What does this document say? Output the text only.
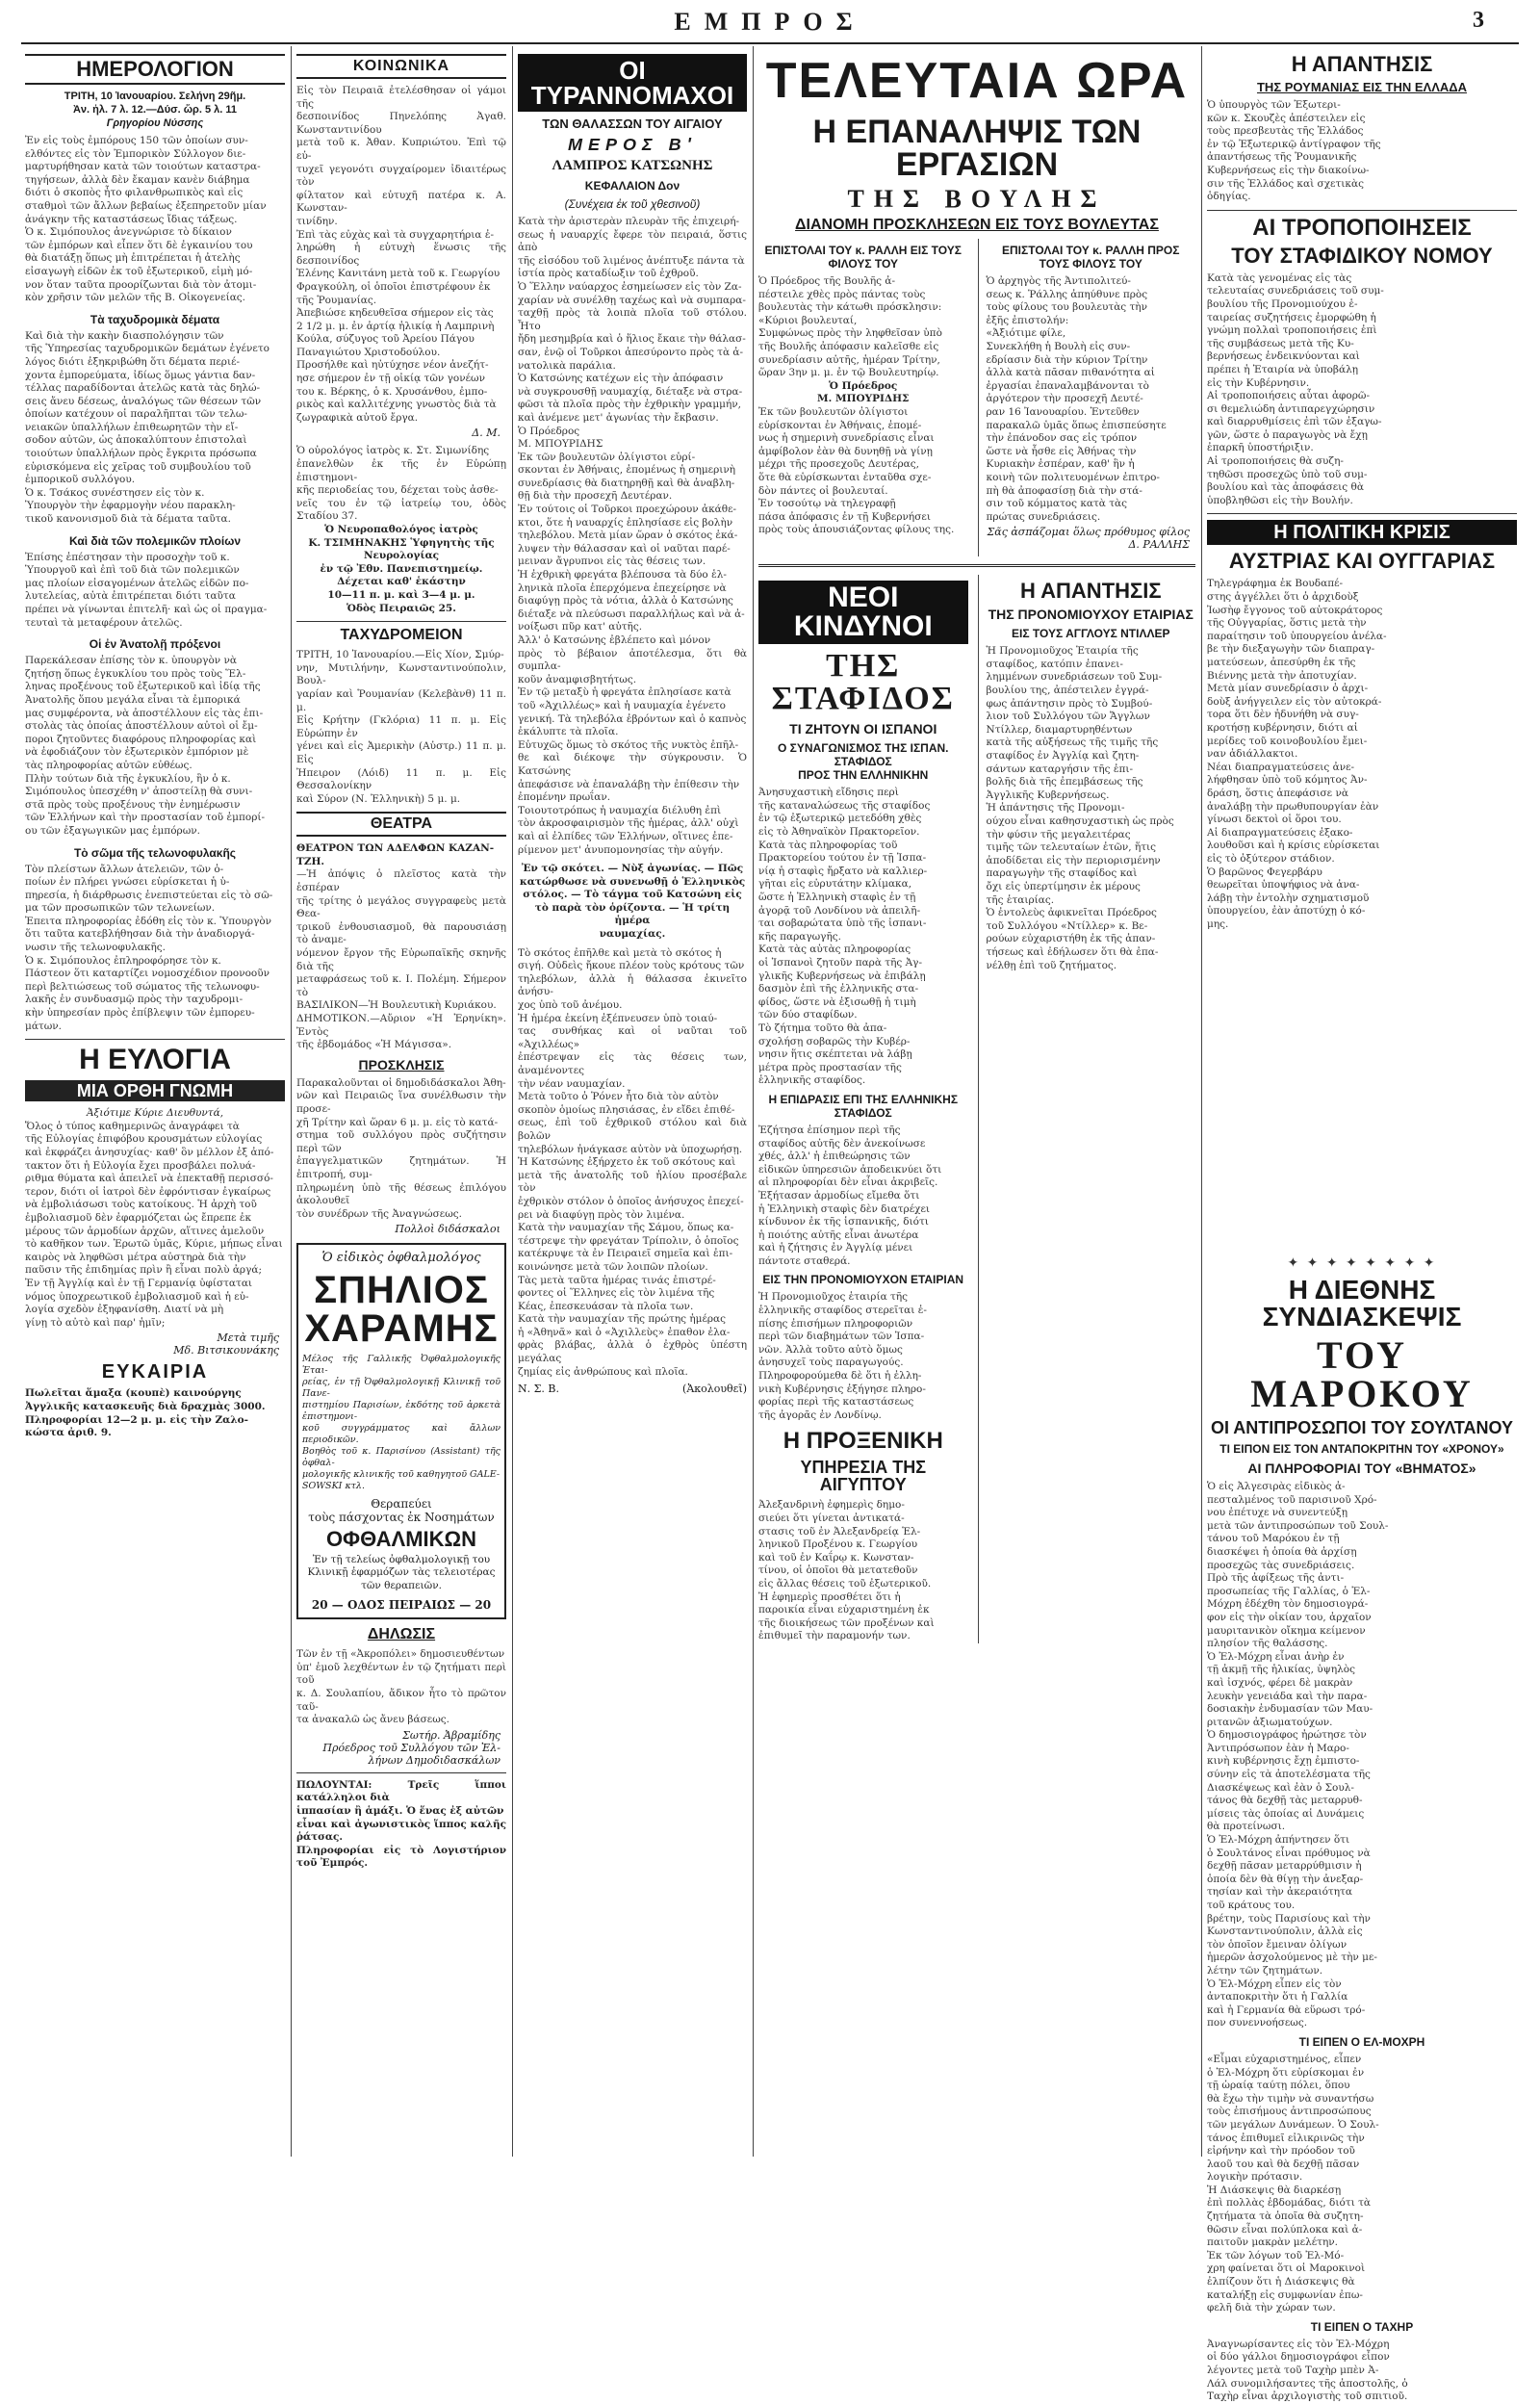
ΕΜΠΡΟΣ	3
ΗΜΕΡΟΛΟΓΙΟΝ
ΤΡΙΤΗ, 10 Ἰανουαρίου. Σελήνη 29ῆμ.
Ἀν. ἡλ. 7 λ. 12.—Δύσ. ὥρ. 5 λ. 11
Γρηγορίου Νύσσης

Ἐν εἰς τοὺς ἐμπόρους 150 τῶν ὁποίων συν-
ελθόντες εἰς τὸν Ἐμπορικὸν Σύλλογον διε-
μαρτυρήθησαν κατὰ τῶν τοιούτων καταστρα-
τηγήσεων, ἀλλὰ δὲν ἔκαμαν κανὲν διάβημα
διότι ὁ σκοπὸς ἦτο φιλανθρωπικὸς καὶ εἰς
σταθμοὶ τῶν ἄλλων βεβαίως ἐξεπηρετοῦν μίαν
ἀνάγκην τῆς καταστάσεως ἴδιας τάξεως.
Ὁ κ. Σιμόπουλος ἀνεγνώρισε τὸ δίκαιον
τῶν ἐμπόρων καὶ εἶπεν ὅτι δὲ ἐγκαινίου του
θὰ διατάξῃ ὅπως μὴ ἐπιτρέπεται ἡ ἀτελὴς
εἰσαγωγὴ εἰδῶν ἐκ τοῦ ἐξωτερικοῦ, εἰμὴ μό-
νον ὅταν ταῦτα προορίζωνται διὰ τὸν ἀτομι-
κὸν χρῆσιν τῶν μελῶν τῆς Β. Οἰκογενείας.

Τὰ ταχυδρομικὰ δέματα

Καὶ διὰ τὴν κακὴν διασπολόγησιν τῶν
τῆς Ὑπηρεσίας ταχυδρομικῶν δεμάτων ἐγένετο
λόγος διότι ἐξηκριβώθη ὅτι δέματα περιέ-
χοντα ἐμπορεύματα, ἰδίως ὅμως γάντια δαν-
τέλλας παραδίδονται ἀτελῶς κατὰ τὰς δηλώ-
σεις ἄνευ δέσεως, ἀναλόγως τῶν θέσεων τῶν
ὁποίων κατέχουν οἱ παραλῆπται τῶν τελω-
νειακῶν ὑπαλλήλων ἐπιθεωρητῶν τὴν εἴ-
σοδον αὐτῶν, ὡς ἀποκαλύπτουν ἐπιστολαὶ
τοιούτων ὑπαλλήλων πρὸς ἔγκριτα πρόσωπα
εὑρισκόμενα εἰς χεῖρας τοῦ συμβουλίου τοῦ
ἐμπορικοῦ συλλόγου.
Ὁ κ. Τσάκος συνέστησεν εἰς τὸν κ.
Ὑπουργὸν τὴν ἐφαρμογὴν νέου παρακλη-
τικοῦ κανονισμοῦ διὰ τὰ δέματα ταῦτα.

Καὶ διὰ τῶν πολεμικῶν πλοίων

Ἐπίσης ἐπέστησαν τὴν προσοχὴν τοῦ κ.
Ὑπουργοῦ καὶ ἐπὶ τοῦ διὰ τῶν πολεμικῶν
μας πλοίων εἰσαγομένων ἀτελῶς εἰδῶν πο-
λυτελείας, αὐτὰ ἐπιτρέπεται διότι ταῦτα
πρέπει νὰ γίνωνται ἐπιτελῆ· καὶ ὡς οἱ πραγμα-
τευταὶ τὰ μεταφέρουν ἀτελῶς.

Οἱ ἐν Ἀνατολῇ πρόξενοι

Παρεκάλεσαν ἐπίσης τὸν κ. ὑπουργὸν νὰ
ζητήσῃ ὅπως ἐγκυκλίου του πρὸς τοὺς Ἕλ-
ληνας προξένους τοῦ ἐξωτερικοῦ καὶ ἰδίᾳ τῆς
Ἀνατολῆς ὅπου μεγάλα εἶναι τὰ ἐμπορικά
μας συμφέροντα, νὰ ἀποστέλλουν εἰς τὰς ἐπι-
στολὰς τὰς ὁποίας ἀποστέλλουν αὐτοὶ οἱ ἔμ-
ποροι ζητοῦντες διαφόρους πληροφορίας καὶ
νὰ ἐφοδιάζουν τὸν ἐξωτερικὸν ἐμπόριον μὲ
τὰς πληροφορίας αὐτῶν εὐθέως.

Πλὴν τούτων διὰ τῆς ἐγκυκλίου, ἣν ὁ κ.
Σιμόπουλος ὑπεσχέθη ν' ἀποστείλῃ θὰ συνι-
στᾶ πρὸς τοὺς προξένους τὴν ἐνημέρωσιν
τῶν Ἑλλήνων καὶ τὴν προστασίαν τοῦ ἐμπορί-
ου τῶν ἐξαγωγικῶν μας ἐμπόρων.

Τὸ σῶμα τῆς τελωνοφυλακῆς

Τὸν πλείστων ἄλλων ἀτελειῶν, τῶν ὁ-
ποίων ἐν πλήρει γνώσει εὑρίσκεται ἡ ὑ-
πηρεσία, ἡ διάρθρωσις ἐνεπιστεύεται εἰς τὸ σῶ-
μα τῶν προσωπικῶν τῶν τελωνείων.
Ἐπειτα πληροφορίας ἐδόθη εἰς τὸν κ. Ὑπουργὸν
ὅτι ταῦτα κατεβλήθησαν διὰ τὴν ἀναδιοργά-
νωσιν τῆς τελωνοφυλακῆς.

Ὁ κ. Σιμόπουλος ἐπληροφόρησε τὸν κ.
Πάστεον ὅτι καταρτίζει νομοσχέδιον προνοοῦν
περὶ βελτιώσεως τοῦ σώματος τῆς τελωνοφυ-
λακῆς ἐν συνδυασμῷ πρὸς τὴν ταχυδρομι-
κὴν ὑπηρεσίαν πρὸς ἐπίβλεψιν τῶν ἐμπορευ-
μάτων.

Η ΕΥΛΟΓΙΑ
ΜΙΑ ΟΡΘΗ ΓΝΩΜΗ

Ἀξιότιμε Κύριε Διευθυντά,

Ὅλος ὁ τύπος καθημερινῶς ἀναγράφει τὰ
τῆς Εὐλογίας ἐπιφόβου κρουσμάτων εὐλογίας
καὶ ἐκφράζει ἀνησυχίας· καθ' ὃν μέλλον ἐξ ἀπό-
τακτον ὅτι ἡ Εὐλογία ἔχει προσβάλει πολυά-
ριθμα θύματα καὶ ἀπειλεῖ νὰ ἐπεκταθῇ περισσό-
τερον, διότι οἱ ἰατροὶ δὲν ἐφρόντισαν ἐγκαίρως
νὰ ἐμβολιάσωσι τοὺς κατοίκους. Ἡ ἀρχὴ τοῦ
ἐμβολιασμοῦ δὲν ἐφαρμόζεται ὡς ἔπρεπε ἐκ
μέρους τῶν ἁρμοδίων ἀρχῶν, αἵτινες ἀμελοῦν
τὸ καθῆκον των. Ἐρωτῶ ὑμᾶς, Κύριε, μήπως εἶναι
καιρὸς νὰ ληφθῶσι μέτρα αὐστηρὰ διὰ τὴν
παῦσιν τῆς ἐπιδημίας πρὶν ἢ εἶναι πολὺ ἀργά;
Ἐν τῇ Ἀγγλίᾳ καὶ ἐν τῇ Γερμανίᾳ ὑφίσταται
νόμος ὑποχρεωτικοῦ ἐμβολιασμοῦ καὶ ἡ εὐ-
λογία σχεδὸν ἐξηφανίσθη. Διατί νὰ μὴ
γίνῃ τὸ αὐτὸ καὶ παρ' ἡμῖν;

Μετὰ τιμῆς
Μδ. Βιτσικουνάκης
ΕΥΚΑΙΡΙΑ

Πωλεῖται ἅμαξα (κουπὲ) καινούργης
Ἀγγλικῆς κατασκευῆς διὰ δραχμὰς 3000.
Πληροφορίαι 12—2 μ. μ. εἰς τὴν Ζαλο-
κώστα ἀριθ. 9.

ΚΟΙΝΩΝΙΚΑ

Εἰς τὸν Πειραιᾶ ἐτελέσθησαν οἱ γάμοι τῆς
δεσποινίδος Πηνελόπης Ἀγαθ. Κωνσταντινίδου
μετὰ τοῦ κ. Ἀθαν. Κυπριώτου. Ἐπὶ τῷ εὐ-
τυχεῖ γεγονότι συγχαίρομεν ἰδιαιτέρως τὸν
φίλτατον καὶ εὐτυχῆ πατέρα κ. Α. Κωνσταν-
τινίδην.
Ἐπὶ τὰς εὐχὰς καὶ τὰ συγχαρητήρια ἐ-
ληρώθη ἡ εὐτυχὴ ἕνωσις τῆς δεσποινίδος
Ἑλένης Κανιτάνη μετὰ τοῦ κ. Γεωργίου
Φραγκούλη, οἱ ὁποῖοι ἐπιστρέφουν ἐκ
τῆς Ῥουμανίας.

Ἀπεβιώσε κηδευθεῖσα σήμερον εἰς τὰς
2 1/2 μ. μ. ἐν ἀρτίᾳ ἡλικίᾳ ἡ Λαμπρινὴ
Κούλα, σύζυγος τοῦ Ἀρείου Πάγου
Παναγιώτου Χριστοδούλου.

Προσήλθε καὶ ηὐτύχησε νέον ἀνεζήτ-
ησε σήμερον ἐν τῇ οἰκίᾳ τῶν γονέων
του κ. Βέρκης, ὁ κ. Χρυσάνθου, ἐμπο-
ρικὸς καὶ καλλιτέχνης γνωστὸς διὰ τὰ
ζωγραφικὰ αὐτοῦ ἔργα.

Δ. Μ.

Ὁ οὐρολόγος ἰατρὸς κ. Στ. Σιμωνίδης
ἐπανελθὼν ἐκ τῆς ἐν Εὐρώπῃ ἐπιστημονι-
κῆς περιοδείας του, δέχεται τοὺς ἀσθε-
νεῖς του ἐν τῷ ἰατρείῳ του, ὁδὸς Σταδίου 37.

Ὁ Νευροπαθολόγος ἰατρὸς
Κ. ΤΣΙΜΗΝΑΚΗΣ Ὑφηγητὴς τῆς Νευρολογίας
ἐν τῷ Ἐθν. Πανεπιστημείῳ. Δέχεται καθ' ἑκάστην
10—11 π. μ. καὶ 3—4 μ. μ.
Ὁδὸς Πειραιῶς 25.

ΤΑΧΥΔΡΟΜΕΙΟΝ

ΤΡΙΤΗ, 10 Ἰανουαρίου.—Εἰς Χίον, Σμύρ-
νην, Μυτιλήνην, Κωνσταντινούπολιν, Βουλ-
γαρίαν καὶ Ῥουμανίαν (Κελεβὰνθ) 11 π. μ.
Εἰς Κρήτην (Γκλόρια) 11 π. μ. Εἰς Εὐρώπην ἐν
γένει καὶ εἰς Ἀμερικὴν (Αὐστρ.) 11 π. μ. Εἰς
Ἠπειρον (Λόιδ) 11 π. μ. Εἰς Θεσσαλονίκην
καὶ Σύρον (Ν. Ἐλληνικὴ) 5 μ. μ.

ΘΕΑΤΡΑ

ΘΕΑΤΡΟΝ ΤΩΝ ΑΔΕΛΦΩΝ ΚΑΖΑΝ-
ΤΖΗ.

—Ἡ ἀπόψις ὁ πλεῖστος κατὰ τὴν ἑσπέραν
τῆς τρίτης ὁ μεγάλος συγγραφεὺς μετὰ Θεα-
τρικοῦ ἐνθουσιασμοῦ, θὰ παρουσιάσῃ τὸ ἀναμε-
νόμενον ἔργον τῆς Εὐρωπαϊκῆς σκηνῆς διὰ τῆς
μεταφράσεως τοῦ κ. Ι. Πολέμη. Σήμερον τὸ
ΒΑΣΙΛΙΚΟΝ—Ἡ Βουλευτικὴ Κυριάκου.
ΔΗΜΟΤΙΚΟΝ.—Αὔριον «Ἡ Ἐρηνίκη». Ἐντὸς
τῆς ἑβδομάδος «Ἡ Μάγισσα».

ΠΡΟΣΚΛΗΣΙΣ

Παρακαλοῦνται οἱ δημοδιδάσκαλοι Ἀθη-
νῶν καὶ Πειραιῶς ἵνα συνέλθωσιν τὴν προσε-
χῆ Τρίτην καὶ ὥραν 6 μ. μ. εἰς τὸ κατά-
στημα τοῦ συλλόγου πρὸς συζήτησιν περὶ τῶν
ἐπαγγελματικῶν ζητημάτων. Ἡ ἐπιτροπή, συμ-
πληρωμένη ὑπὸ τῆς θέσεως ἐπιλόγου ἀκολουθεῖ
τὸν συνέδρων τῆς Ἀναγνώσεως.

Πολλοὶ διδάσκαλοι
Ὁ εἰδικὸς ὀφθαλμολόγος
ΣΠΗΛΙΟΣ
ΧΑΡΑΜΗΣ

Μέλος τῆς Γαλλικῆς Ὀφθαλμολογικῆς Ἑται-
ρείας, ἐν τῇ Ὀφθαλμολογικῇ Κλινικῇ τοῦ Πανε-
πιστημίου Παρισίων, ἐκδότης τοῦ ἀρκετὰ ἐπιστημονι-
κοῦ συγγράμματος καὶ ἄλλων περιοδικῶν.
Βοηθὸς τοῦ κ. Παρισίνου (Assistant) τῆς ὀφθαλ-
μολογικῆς κλινικῆς τοῦ καθηγητοῦ GALE-
SOWSKI κτλ.

Θεραπεύει
τοὺς πάσχοντας ἐκ Νοσημάτων

ΟΦΘΑΛΜΙΚΩΝ

Ἐν τῇ τελείως ὀφθαλμολογικῇ του
Κλινικῇ ἐφαρμόζων τὰς τελειοτέρας
τῶν θεραπειῶν.

20 — ΟΔΟΣ ΠΕΙΡΑΙΩΣ — 20
ΔΗΛΩΣΙΣ

Τῶν ἐν τῇ «Ἀκροπόλει» δημοσιευθέντων
ὑπ' ἐμοῦ λεχθέντων ἐν τῷ ζητήματι περὶ τοῦ
κ. Δ. Σουλαπίου, ἄδικον ἦτο τὸ πρῶτον ταῦ-
τα ἀνακαλῶ ὡς ἄνευ βάσεως.

Σωτήρ. Ἀβραμίδης
Πρόεδρος τοῦ Συλλόγου τῶν Ἐλ-
λήνων Δημοδιδασκάλων

ΠΩΛΟΥΝΤΑΙ: Τρεῖς ἵπποι κατάλληλοι διὰ
ἱππασίαν ἢ ἁμάξι. Ὁ ἕνας ἐξ αὐτῶν
εἶναι καὶ ἀγωνιστικὸς ἵππος καλῆς ῥάτσας.
Πληροφορίαι εἰς τὸ Λογιστήριον τοῦ Ἐμπρός.

ΟΙ ΤΥΡΑΝΝΟΜΑΧΟΙ
ΤΩΝ ΘΑΛΑΣΣΩΝ ΤΟΥ ΑΙΓΑΙΟΥ
ΜΕΡΟΣ Β'
ΛΑΜΠΡΟΣ ΚΑΤΣΩΝΗΣ
ΚΕΦΑΛΑΙΟΝ Δον
(Συνέχεια ἐκ τοῦ χθεσινοῦ)

Κατὰ τὴν ἀριστερὰν πλευρὰν τῆς ἐπιχειρή-
σεως ἡ ναυαρχίς ἔφερε τὸν πειραιά, ὅστις ἀπὸ
τῆς εἰσόδου τοῦ λιμένος ἀνέπτυξε πάντα τὰ
ἱστία πρὸς καταδίωξιν τοῦ ἐχθροῦ.
Ὁ Ἕλλην ναύαρχος ἐσημείωσεν εἰς τὸν Ζα-
χαρίαν νὰ συνέλθῃ ταχέως καὶ νὰ συμπαρα-
ταχθῇ πρὸς τὰ λοιπὰ πλοῖα τοῦ στόλου. Ἦτο
ἤδη μεσημβρία καὶ ὁ ἥλιος ἔκαιε τὴν θάλασ-
σαν, ἐνῷ οἱ Τοῦρκοι ἀπεσύροντο πρὸς τὰ ἀ-
νατολικὰ παράλια.
Ὁ Κατσώνης κατέχων εἰς τὴν ἀπόφασιν
νὰ συγκρουσθῇ ναυμαχίᾳ, διέταξε νὰ στρα-
φῶσι τὰ πλοῖα πρὸς τὴν ἐχθρικὴν γραμμήν,
καὶ ἀνέμενε μετ' ἀγωνίας τὴν ἔκβασιν.
Ὁ Πρόεδρος
Μ. ΜΠΟΥΡΙΔΗΣ
Ἐκ τῶν βουλευτῶν ὀλίγιστοι εὑρί-
σκονται ἐν Ἀθήναις, ἐπομένως ἡ σημερινὴ
συνεδρίασις θὰ διατηρηθῇ καὶ θὰ ἀναβλη-
θῇ διὰ τὴν προσεχῆ Δευτέραν.
Ἐν τούτοις οἱ Τοῦρκοι προεχώρουν ἀκάθε-
κτοι, ὅτε ἡ ναυαρχίς ἐπλησίασε εἰς βολὴν
τηλεβόλου. Μετὰ μίαν ὥραν ὁ σκότος ἐκά-
λυψεν τὴν θάλασσαν καὶ οἱ ναῦται παρέ-
μειναν ἄγρυπνοι εἰς τὰς θέσεις των.
Ἡ ἐχθρικὴ φρεγάτα βλέπουσα τὰ δύο ἑλ-
ληνικὰ πλοῖα ἐπερχόμενα ἐπεχείρησε νὰ
διαφύγῃ πρὸς τὰ νότια, ἀλλὰ ὁ Κατσώνης
διέταξε νὰ πλεύσωσι παραλλήλως καὶ νὰ ἀ-
νοίξωσι πῦρ κατ' αὐτῆς.
Ἀλλ' ὁ Κατσώνης ἐβλέπετο καὶ μόνον
πρὸς τὸ βέβαιον ἀποτέλεσμα, ὅτι θὰ συμπλα-
κοῦν ἀναμφισβητήτως.
Ἐν τῷ μεταξὺ ἡ φρεγάτα ἐπλησίασε κατὰ
τοῦ «Ἀχιλλέως» καὶ ἡ ναυμαχία ἐγένετο
γενική. Τὰ τηλεβόλα ἐβρόντων καὶ ὁ καπνὸς
ἐκάλυπτε τὰ πλοῖα.
Εὐτυχῶς ὅμως τὸ σκότος τῆς νυκτὸς ἐπῆλ-
θε καὶ διέκοψε τὴν σύγκρουσιν. Ὁ Κατσώνης
ἀπεφάσισε νὰ ἐπαναλάβῃ τὴν ἐπίθεσιν τὴν
ἐπομένην πρωΐαν.
Τοιουτοτρόπως ἡ ναυμαχία διέλυθη ἐπὶ
τὸν ἀκροσφαιρισμὸν τῆς ἡμέρας, ἀλλ' οὐχὶ
καὶ αἱ ἐλπίδες τῶν Ἑλλήνων, οἵτινες ἐπε-
ρίμενον μετ' ἀνυπομονησίας τὴν αὐγήν.

Ἐν τῷ σκότει. — Νὺξ ἀγωνίας. — Πῶς
κατώρθωσε νὰ συνενωθῇ ὁ Ἑλληνικὸς
στόλος. — Τὸ τάγμα τοῦ Κατσώνη εἰς
τὸ παρὰ τὸν ὁρίζοντα. — Ἡ τρίτη ἡμέρα
ναυμαχίας.

Τὸ σκότος ἐπῆλθε καὶ μετὰ τὸ σκότος ἡ
σιγή. Οὐδεὶς ἤκουε πλέον τοὺς κρότους τῶν
τηλεβόλων, ἀλλὰ ἡ θάλασσα ἐκινεῖτο ἀνήσυ-
χος ὑπὸ τοῦ ἀνέμου.
Ἡ ἡμέρα ἐκείνη ἐξέπνευσεν ὑπὸ τοιαύ-
τας συνθήκας καὶ οἱ ναῦται τοῦ «Ἀχιλλέως»
ἐπέστρεψαν εἰς τὰς θέσεις των, ἀναμένοντες
τὴν νέαν ναυμαχίαν.
Μετὰ τοῦτο ὁ Ῥόνεν ἦτο διὰ τὸν αὐτὸν
σκοπὸν ὁμοίως πλησιάσας, ἐν εἴδει ἐπιθέ-
σεως, ἐπὶ τοῦ ἐχθρικοῦ στόλου καὶ διὰ βολῶν
τηλεβόλων ἠνάγκασε αὐτὸν νὰ ὑποχωρήσῃ.
Ἡ Κατσώνης ἐξήρχετο ἐκ τοῦ σκότους καὶ
μετὰ τῆς ἀνατολῆς τοῦ ἡλίου προσέβαλε τὸν
ἐχθρικὸν στόλον ὁ ὁποῖος ἀνήσυχος ἐπεχεί-
ρει νὰ διαφύγῃ πρὸς τὸν λιμένα.
Κατὰ τὴν ναυμαχίαν τῆς Σάμου, ὅπως κα-
τέστρεψε τὴν φρεγάταν Τρίπολιν, ὁ ὁποῖος
κατέκρυψε τὰ ἐν Πειραιεῖ σημεῖα καὶ ἐπι-
κοινώνησε μετὰ τῶν λοιπῶν πλοίων.
Τὰς μετὰ ταῦτα ἡμέρας τινάς ἐπιστρέ-
φοντες οἱ Ἕλληνες εἰς τὸν λιμένα τῆς
Κέας, ἐπεσκευάσαν τὰ πλοῖα των.
Κατὰ τὴν ναυμαχίαν τῆς πρώτης ἡμέρας
ἡ «Ἀθηνᾶ» καὶ ὁ «Ἀχιλλεὺς» ἐπαθον ἐλα-
φρὰς βλάβας, ἀλλὰ ὁ ἐχθρὸς ὑπέστη μεγάλας
ζημίας εἰς ἀνθρώπους καὶ πλοῖα.

Ν. Σ. Β.	(Ἀκολουθεῖ)
ΤΕΛΕΥΤΑΙΑ ΩΡΑ
Η ΕΠΑΝΑΛΗΨΙΣ ΤΩΝ ΕΡΓΑΣΙΩΝ
ΤΗΣ ΒΟΥΛΗΣ
ΔΙΑΝΟΜΗ ΠΡΟΣΚΛΗΣΕΩΝ ΕΙΣ ΤΟΥΣ ΒΟΥΛΕΥΤΑΣ
ΕΠΙΣΤΟΛΑΙ ΤΟΥ κ. ΡΑΛΛΗ ΕΙΣ ΤΟΥΣ ΦΙΛΟΥΣ ΤΟΥ

Ὁ Πρόεδρος τῆς Βουλῆς ἀ-
πέστειλε χθὲς πρὸς πάντας τοὺς
βουλευτὰς τὴν κάτωθι πρόσκλησιν:
«Κύριοι βουλευταί,
Συμφώνως πρὸς τὴν ληφθεῖσαν ὑπὸ
τῆς Βουλῆς ἀπόφασιν καλεῖσθε εἰς
συνεδρίασιν αὐτῆς, ἡμέραν Τρίτην,
ὥραν 3ην μ. μ. ἐν τῷ Βουλευτηρίῳ.

Ὁ Πρόεδρος
Μ. ΜΠΟΥΡΙΔΗΣ

Ἐκ τῶν βουλευτῶν ὀλίγιστοι
εὑρίσκονται ἐν Ἀθήναις, ἐπομέ-
νως ἡ σημερινὴ συνεδρίασις εἶναι
ἀμφίβολον ἐὰν θὰ δυνηθῇ νὰ γίνῃ
μέχρι τῆς προσεχοῦς Δευτέρας,
ὅτε θὰ εὑρίσκωνται ἐνταῦθα σχε-
δὸν πάντες οἱ βουλευταί.

Ἐν τοσούτῳ νὰ τηλεγραφῇ
πάσα ἀπόφασις ἐν τῇ Κυβερνήσει
πρὸς τοὺς ἀπουσιάζοντας φίλους της.

ΕΠΙΣΤΟΛΑΙ ΤΟΥ κ. ΡΑΛΛΗ ΠΡΟΣ ΤΟΥΣ ΦΙΛΟΥΣ ΤΟΥ

Ὁ ἀρχηγὸς τῆς Ἀντιπολιτεύ-
σεως κ. Ῥάλλης ἀπηύθυνε πρὸς
τοὺς φίλους του βουλευτὰς τὴν
ἑξῆς ἐπιστολήν:
«Ἀξιότιμε φίλε,
Συνεκλήθη ἡ Βουλὴ εἰς συν-
εδρίασιν διὰ τὴν κύριον Τρίτην
ἀλλὰ κατὰ πᾶσαν πιθανότητα αἱ
ἐργασίαι ἐπαναλαμβάνονται τὸ
ἀργότερον τὴν προσεχῆ Δευτέ-
ραν 16 Ἰανουαρίου. Ἐντεῦθεν
παρακαλῶ ὑμᾶς ὅπως ἐπισπεύσητε
τὴν ἐπάνοδον σας εἰς τρόπον
ὥστε νὰ ἦσθε εἰς Ἀθήνας τὴν
Κυριακὴν ἑσπέραν, καθ' ἣν ἡ
κοινὴ τῶν πολιτευομένων ἐπιτρο-
πὴ θὰ ἀποφασίσῃ διὰ τὴν στά-
σιν τοῦ κόμματος κατὰ τὰς
πρώτας συνεδριάσεις.

Σᾶς ἀσπάζομαι ὅλως πρόθυμος φίλος
Δ. ΡΑΛΛΗΣ
ΝΕΟΙ ΚΙΝΔΥΝΟΙ
ΤΗΣ ΣΤΑΦΙΔΟΣ
ΤΙ ΖΗΤΟΥΝ ΟΙ ΙΣΠΑΝΟΙ
Ο ΣΥΝΑΓΩΝΙΣΜΟΣ ΤΗΣ ΙΣΠΑΝ. ΣΤΑΦΙΔΟΣ
ΠΡΟΣ ΤΗΝ ΕΛΛΗΝΙΚΗΝ

Ἀνησυχαστικὴ εἴδησις περὶ
τῆς καταναλώσεως τῆς σταφίδος
ἐν τῷ ἐξωτερικῷ μετεδόθη χθὲς
εἰς τὸ Ἀθηναϊκὸν Πρακτορεῖον.
Κατὰ τὰς πληροφορίας τοῦ
Πρακτορείου τούτου ἐν τῇ Ἱσπα-
νίᾳ ἡ σταφὶς ἤρξατο νὰ καλλιερ-
γῆται εἰς εὐρυτάτην κλίμακα,
ὥστε ἡ Ἑλληνικὴ σταφὶς ἐν τῇ
ἀγορᾷ τοῦ Λονδίνου νὰ ἀπειλῆ-
ται σοβαρώτατα ὑπὸ τῆς ἱσπανι-
κῆς παραγωγῆς.
Κατὰ τὰς αὐτὰς πληροφορίας
οἱ Ἱσπανοὶ ζητοῦν παρὰ τῆς Ἀγ-
γλικῆς Κυβερνήσεως νὰ ἐπιβάλῃ
δασμὸν ἐπὶ τῆς ἑλληνικῆς στα-
φίδος, ὥστε νὰ ἐξισωθῇ ἡ τιμὴ
τῶν δύο σταφίδων.
Τὸ ζήτημα τοῦτο θὰ ἀπα-
σχολήσῃ σοβαρῶς τὴν Κυβέρ-
νησιν ἥτις σκέπτεται νὰ λάβῃ
μέτρα πρὸς προστασίαν τῆς
ἑλληνικῆς σταφίδος.

Η ΕΠΙΔΡΑΣΙΣ ΕΠΙ ΤΗΣ ΕΛΛΗΝΙΚΗΣ ΣΤΑΦΙΔΟΣ

Ἐζήτησα ἐπίσημον περὶ τῆς
σταφίδος αὐτῆς δὲν ἀνεκοίνωσε
χθές, ἀλλ' ἡ ἐπιθεώρησις τῶν
εἰδικῶν ὑπηρεσιῶν ἀποδεικνύει ὅτι
αἱ πληροφορίαι δὲν εἶναι ἀκριβεῖς.
Ἐξήτασαν ἁρμοδίως εἴμεθα ὅτι
ἡ Ἑλληνικὴ σταφὶς δὲν διατρέχει
κίνδυνον ἐκ τῆς ἱσπανικῆς, διότι
ἡ ποιότης αὐτῆς εἶναι ἀνωτέρα
καὶ ἡ ζήτησις ἐν Ἀγγλίᾳ μένει
πάντοτε σταθερά.

ΕΙΣ ΤΗΝ ΠΡΟΝΟΜΙΟΥΧΟΝ ΕΤΑΙΡΙΑΝ

Ἡ Προνομιοῦχος ἑταιρία τῆς
ἑλληνικῆς σταφίδος στερεῖται ἐ-
πίσης ἐπισήμων πληροφοριῶν
περὶ τῶν διαβημάτων τῶν Ἱσπα-
νῶν. Ἀλλὰ τοῦτο αὐτὸ ὅμως
ἀνησυχεῖ τοὺς παραγωγούς.
Πληροφορούμεθα δὲ ὅτι ἡ ἐλλη-
νικὴ Κυβέρνησις ἐξήγησε πληρο-
φορίας περὶ τῆς καταστάσεως
τῆς ἀγορᾶς ἐν Λονδίνῳ.

Η ΠΡΟΞΕΝΙΚΗ
ΥΠΗΡΕΣΙΑ ΤΗΣ ΑΙΓΥΠΤΟΥ

Ἀλεξανδρινὴ ἐφημερὶς δημο-
σιεύει ὅτι γίνεται ἀντικατά-
στασις τοῦ ἐν Ἀλεξανδρείᾳ Ἑλ-
ληνικοῦ Προξένου κ. Γεωργίου
καὶ τοῦ ἐν Καΐρῳ κ. Κωνσταν-
τίνου, οἱ ὁποῖοι θὰ μετατεθοῦν
εἰς ἄλλας θέσεις τοῦ ἐξωτερικοῦ.
Ἡ ἐφημερὶς προσθέτει ὅτι ἡ
παροικία εἶναι εὐχαριστημένη ἐκ
τῆς διοικήσεως τῶν προξένων καὶ
ἐπιθυμεῖ τὴν παραμονήν των.

Η ΑΠΑΝΤΗΣΙΣ
ΤΗΣ ΠΡΟΝΟΜΙΟΥΧΟΥ ΕΤΑΙΡΙΑΣ
ΕΙΣ ΤΟΥΣ ΑΓΓΛΟΥΣ ΝΤΙΛΛΕΡ

Ἡ Προνομιοῦχος Ἑταιρία τῆς
σταφίδος, κατόπιν ἐπανει-
λημμένων συνεδριάσεων τοῦ Συμ-
βουλίου της, ἀπέστειλεν ἐγγρά-
φως ἀπάντησιν πρὸς τὸ Συμβού-
λιον τοῦ Συλλόγου τῶν Ἄγγλων
Ντίλλερ, διαμαρτυρηθέντων
κατὰ τῆς αὐξήσεως τῆς τιμῆς τῆς
σταφίδος ἐν Ἀγγλίᾳ καὶ ζητη-
σάντων καταργήσιν τῆς ἐπι-
βολῆς διὰ τῆς ἐπεμβάσεως τῆς
Ἀγγλικῆς Κυβερνήσεως.
Ἡ ἀπάντησις τῆς Προνομι-
ούχου εἶναι καθησυχαστικὴ ὡς πρὸς
τὴν φύσιν τῆς μεγαλειτέρας
τιμῆς τῶν τελευταίων ἐτῶν, ἥτις
ἀποδίδεται εἰς τὴν περιορισμένην
παραγωγὴν τῆς σταφίδος καὶ
ὄχι εἰς ὑπερτίμησιν ἐκ μέρους
τῆς ἑταιρίας.
Ὁ ἐντολεὺς ἀφικνεῖται Πρόεδρος
τοῦ Συλλόγου «Ντίλλερ» κ. Βε-
ρούων εὐχαριστήθη ἐκ τῆς ἀπαν-
τήσεως καὶ ἐδήλωσεν ὅτι θὰ ἐπα-
νέλθῃ ἐπὶ τοῦ ζητήματος.

Η ΑΠΑΝΤΗΣΙΣ
ΤΗΣ ΡΟΥΜΑΝΙΑΣ ΕΙΣ ΤΗΝ ΕΛΛΑΔΑ

Ὁ ὑπουργὸς τῶν Ἐξωτερι-
κῶν κ. Σκουζὲς ἀπέστειλεν εἰς
τοὺς πρεσβευτὰς τῆς Ἑλλάδος
ἐν τῷ Ἐξωτερικῷ ἀντίγραφον τῆς
ἀπαντήσεως τῆς Ῥουμανικῆς
Κυβερνήσεως εἰς τὴν διακοίνω-
σιν τῆς Ἑλλάδος καὶ σχετικὰς
ὁδηγίας.

ΑΙ ΤΡΟΠΟΠΟΙΗΣΕΙΣ
ΤΟΥ ΣΤΑΦΙΔΙΚΟΥ ΝΟΜΟΥ

Κατὰ τὰς γενομένας εἰς τὰς
τελευταίας συνεδριάσεις τοῦ συμ-
βουλίου τῆς Προνομιούχου ἑ-
ταιρείας συζητήσεις ἐμορφώθη ἡ
γνώμη πολλαὶ τροποποιήσεις ἐπὶ
τῆς συμβάσεως μετὰ τῆς Κυ-
βερνήσεως ἐνδεικνύονται καὶ
πρέπει ἡ Ἑταιρία νὰ ὑποβάλῃ
εἰς τὴν Κυβέρνησιν.
Αἱ τροποποιήσεις αὗται ἀφορῶ-
σι θεμελιώδη ἀντιπαρεγχώρησιν
καὶ διαρρυθμίσεις ἐπὶ τῶν ἐξαγω-
γῶν, ὥστε ὁ παραγωγὸς νὰ ἔχῃ
ἐπαρκῆ ὑποστήριξιν.
Αἱ τροποποιήσεις θὰ συζη-
τηθῶσι προσεχῶς ὑπὸ τοῦ συμ-
βουλίου καὶ τὰς ἀποφάσεις θὰ
ὑποβληθῶσι εἰς τὴν Βουλήν.

Η ΠΟΛΙΤΙΚΗ ΚΡΙΣΙΣ
ΑΥΣΤΡΙΑΣ ΚΑΙ ΟΥΓΓΑΡΙΑΣ

Τηλεγράφημα ἐκ Βουδαπέ-
στης ἀγγέλλει ὅτι ὁ ἀρχιδοὺξ
Ἰωσὴφ ἔγγονος τοῦ αὐτοκράτορος
τῆς Οὐγγαρίας, ὅστις μετὰ τὴν
παραίτησιν τοῦ ὑπουργείου ἀνέλα-
βε τὴν διεξαγωγὴν τῶν διαπραγ-
ματεύσεων, ἀπεσύρθη ἐκ τῆς
Βιέννης μετὰ τὴν ἀποτυχίαν.
Μετὰ μίαν συνεδρίασιν ὁ ἀρχι-
δοὺξ ἀνήγγειλεν εἰς τὸν αὐτοκρά-
τορα ὅτι δὲν ἠδυνήθη νὰ συγ-
κροτήσῃ κυβέρνησιν, διότι αἱ
μερίδες τοῦ κοινοβουλίου ἔμει-
ναν ἀδιάλλακτοι.
Νέαι διαπραγματεύσεις ἀνε-
λήφθησαν ὑπὸ τοῦ κόμητος Ἀν-
δράση, ὅστις ἀπεφάσισε νὰ
ἀναλάβῃ τὴν πρωθυπουργίαν ἐὰν
γίνωσι δεκτοὶ οἱ ὅροι του.
Αἱ διαπραγματεύσεις ἐξακο-
λουθοῦσι καὶ ἡ κρίσις εὑρίσκεται
εἰς τὸ ὀξύτερον στάδιον.
Ὁ βαρῶνος Φεγερβάρυ
θεωρεῖται ὑποψήφιος νὰ ἀνα-
λάβῃ τὴν ἐντολὴν σχηματισμοῦ
ὑπουργείου, ἐὰν ἀποτύχῃ ὁ κό-
μης.

✦ ✦ ✦ ✦ ✦ ✦ ✦ ✦
Η ΔΙΕΘΝΗΣ ΣΥΝΔΙΑΣΚΕΨΙΣ
ΤΟΥ ΜΑΡΟΚΟΥ
ΟΙ ΑΝΤΙΠΡΟΣΩΠΟΙ ΤΟΥ ΣΟΥΛΤΑΝΟΥ
ΤΙ ΕΙΠΟΝ ΕΙΣ ΤΟΝ ΑΝΤΑΠΟΚΡΙΤΗΝ ΤΟΥ «ΧΡΟΝΟΥ»
ΑΙ ΠΛΗΡΟΦΟΡΙΑΙ ΤΟΥ «ΒΗΜΑΤΟΣ»

Ὁ εἰς Ἀλγεσιρὰς εἰδικὸς ἀ-
πεσταλμένος τοῦ παρισινοῦ Χρό-
νου ἐπέτυχε νὰ συνεντεύξῃ
μετὰ τῶν ἀντιπροσώπων τοῦ Σουλ-
τάνου τοῦ Μαρόκου ἐν τῇ
διασκέψει ἡ ὁποία θὰ ἀρχίσῃ
προσεχῶς τὰς συνεδριάσεις.
Πρὸ τῆς ἀφίξεως τῆς ἀντι-
προσωπείας τῆς Γαλλίας, ὁ Ἐλ-
Μόχρη ἐδέχθη τὸν δημοσιογρά-
φον εἰς τὴν οἰκίαν του, ἀρχαῖον
μαυριτανικὸν οἴκημα κείμενον
πλησίον τῆς θαλάσσης.
Ὁ Ἐλ-Μόχρη εἶναι ἀνὴρ ἐν
τῇ ἀκμῇ τῆς ἡλικίας, ὑψηλὸς
καὶ ἰσχνός, φέρει δὲ μακρὰν
λευκὴν γενειάδα καὶ τὴν παρα-
δοσιακὴν ἐνδυμασίαν τῶν Μαυ-
ριτανῶν ἀξιωματούχων.
Ὁ δημοσιογράφος ἠρώτησε τὸν
Ἀντιπρόσωπον ἐὰν ἡ Μαρο-
κινὴ κυβέρνησις ἔχῃ ἐμπιστο-
σύνην εἰς τὰ ἀποτελέσματα τῆς
Διασκέψεως καὶ ἐὰν ὁ Σουλ-
τάνος θὰ δεχθῇ τὰς μεταρρυθ-
μίσεις τὰς ὁποίας αἱ Δυνάμεις
θὰ προτείνωσι.
Ὁ Ἐλ-Μόχρη ἀπήντησεν ὅτι
ὁ Σουλτάνος εἶναι πρόθυμος νὰ
δεχθῇ πᾶσαν μεταρρύθμισιν ἡ
ὁποία δὲν θὰ θίγῃ τὴν ἀνεξαρ-
τησίαν καὶ τὴν ἀκεραιότητα
τοῦ κράτους του.

βρέτην, τοὺς Παρισίους καὶ τὴν
Κωνσταντινούπολιν, ἀλλὰ εἰς
τὸν ὁποῖον ἔμειναν ὀλίγων
ἡμερῶν ἀσχολούμενος μὲ τὴν με-
λέτην τῶν ζητημάτων.
Ὁ Ἐλ-Μόχρη εἶπεν εἰς τὸν
ἀνταποκριτὴν ὅτι ἡ Γαλλία
καὶ ἡ Γερμανία θὰ εὕρωσι τρό-
πον συνεννοήσεως.

ΤΙ ΕΙΠΕΝ Ο ΕΛ-ΜΟΧΡΗ

«Εἶμαι εὐχαριστημένος, εἶπεν
ὁ Ἐλ-Μόχρη ὅτι εὑρίσκομαι ἐν
τῇ ὡραίᾳ ταύτῃ πόλει, ὅπου
θὰ ἔχω τὴν τιμὴν νὰ συναντήσω
τοὺς ἐπισήμους ἀντιπροσώπους
τῶν μεγάλων Δυνάμεων. Ὁ Σουλ-
τάνος ἐπιθυμεῖ εἰλικρινῶς τὴν
εἰρήνην καὶ τὴν πρόοδον τοῦ
λαοῦ του καὶ θὰ δεχθῇ πᾶσαν
λογικὴν πρότασιν.
Ἡ Διάσκεψις θὰ διαρκέσῃ
ἐπὶ πολλὰς ἑβδομάδας, διότι τὰ
ζητήματα τὰ ὁποῖα θὰ συζητη-
θῶσιν εἶναι πολύπλοκα καὶ ἀ-
παιτοῦν μακρὰν μελέτην.
Ἐκ τῶν λόγων τοῦ Ἐλ-Μό-
χρη φαίνεται ὅτι οἱ Μαροκινοὶ
ἐλπίζουν ὅτι ἡ Διάσκεψις θὰ
καταλήξῃ εἰς συμφωνίαν ἐπω-
φελῆ διὰ τὴν χώραν των.

ΤΙ ΕΙΠΕΝ Ο ΤΑΧΗΡ

Ἀναγνωρίσαντες εἰς τὸν Ἐλ-Μόχρη
οἱ δύο γάλλοι δημοσιογράφοι εἶπον
λέγοντες μετὰ τοῦ Ταχὴρ μπὲν Ἀ-
Λάλ συνομιλήσαντες τῆς ἀποστολῆς, ὁ
Ταχὴρ εἶναι ἀρχιλογιστὴς τοῦ σπιτιοῦ.
